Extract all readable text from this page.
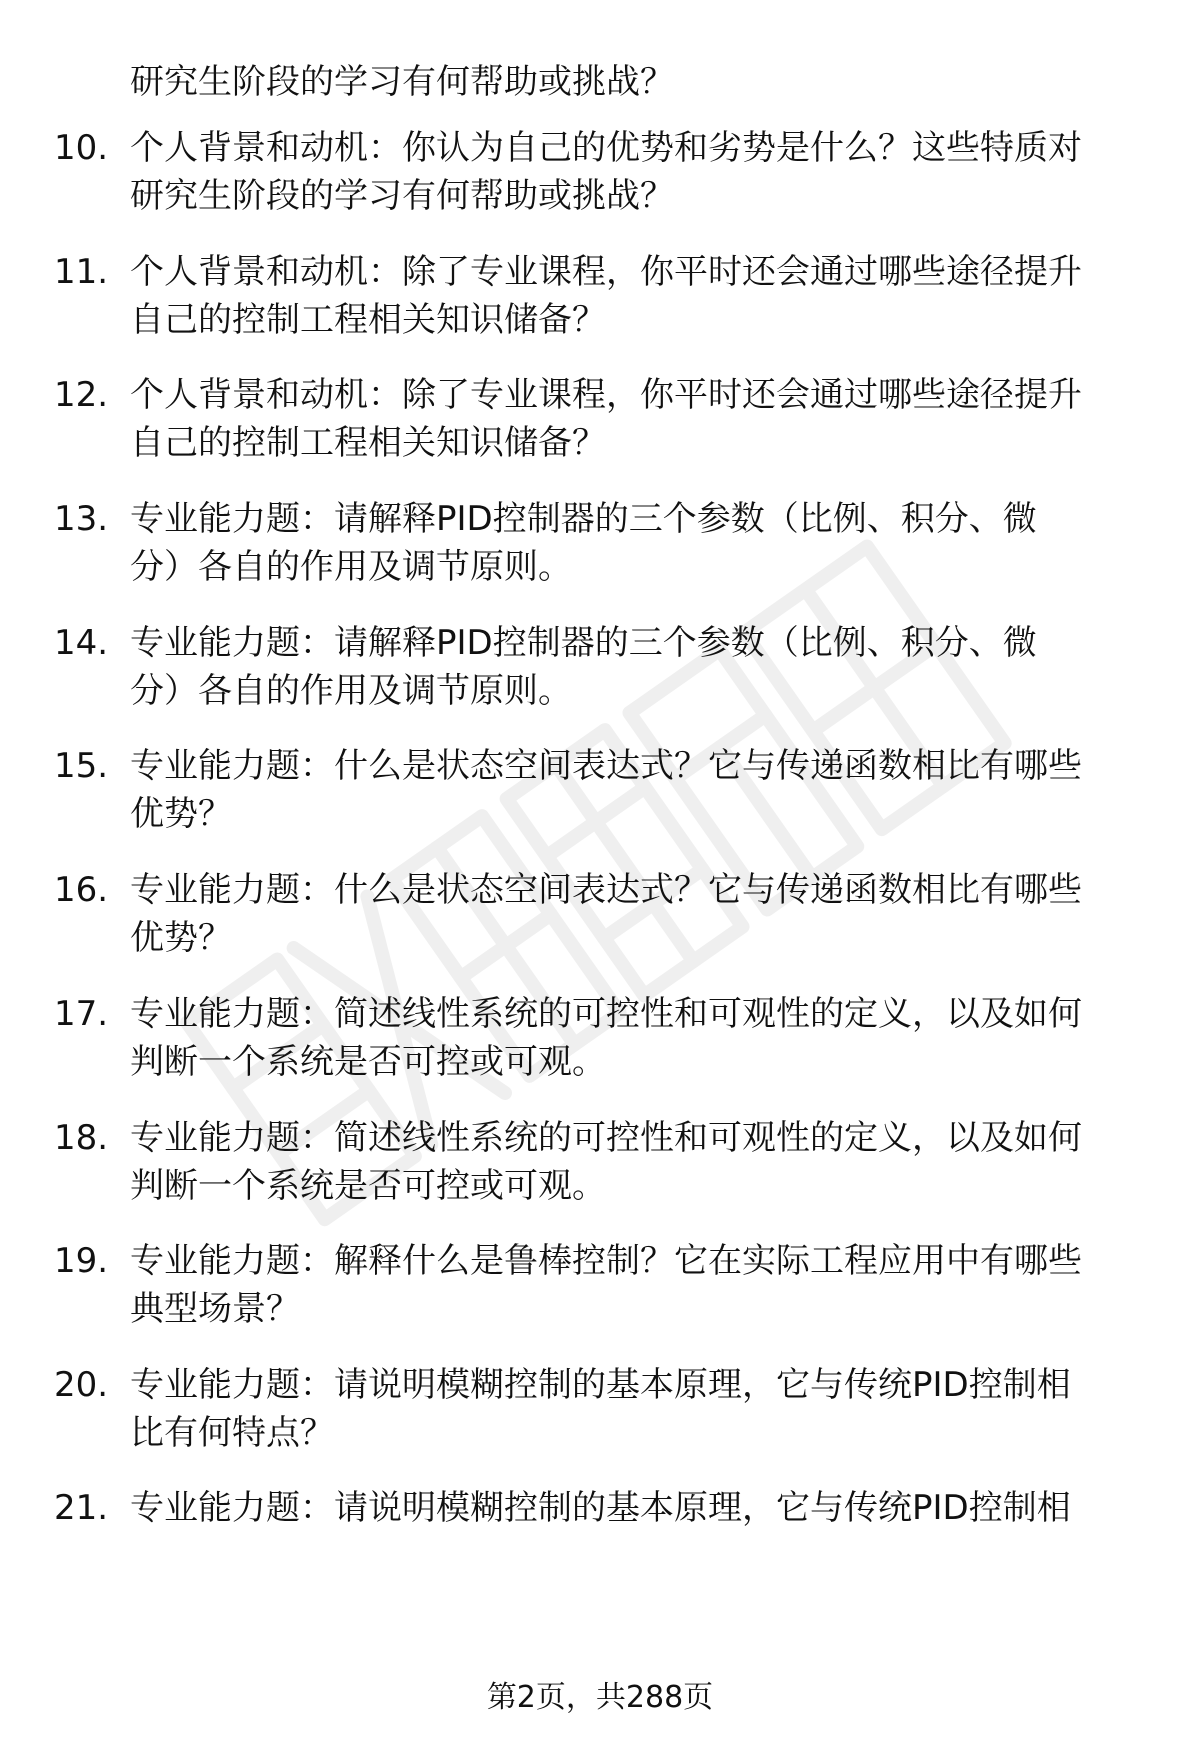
研究生阶段的学习有何帮助或挑战？
10. 个人背景和动机：你认为自己的优势和劣势是什么？这些特质对
研究生阶段的学习有何帮助或挑战？
11. 个人背景和动机：除了专业课程，你平时还会通过哪些途径提升
自己的控制工程相关知识储备？
12. 个人背景和动机：除了专业课程，你平时还会通过哪些途径提升
自己的控制工程相关知识储备？
13. 专业能力题：请解释PID控制器的三个参数（比例、积分、微
分）各自的作用及调节原则。
14. 专业能力题：请解释PID控制器的三个参数（比例、积分、微
分）各自的作用及调节原则。
15. 专业能力题：什么是状态空间表达式？它与传递函数相比有哪些
优势？
16. 专业能力题：什么是状态空间表达式？它与传递函数相比有哪些
优势？
17. 专业能力题：简述线性系统的可控性和可观性的定义，以及如何
判断一个系统是否可控或可观。
18. 专业能力题：简述线性系统的可控性和可观性的定义，以及如何
判断一个系统是否可控或可观。
19. 专业能力题：解释什么是鲁棒控制？它在实际工程应用中有哪些
典型场景？
20. 专业能力题：请说明模糊控制的基本原理，它与传统PID控制相
比有何特点？
21. 专业能力题：请说明模糊控制的基本原理，它与传统PID控制相
第2页，共288页
